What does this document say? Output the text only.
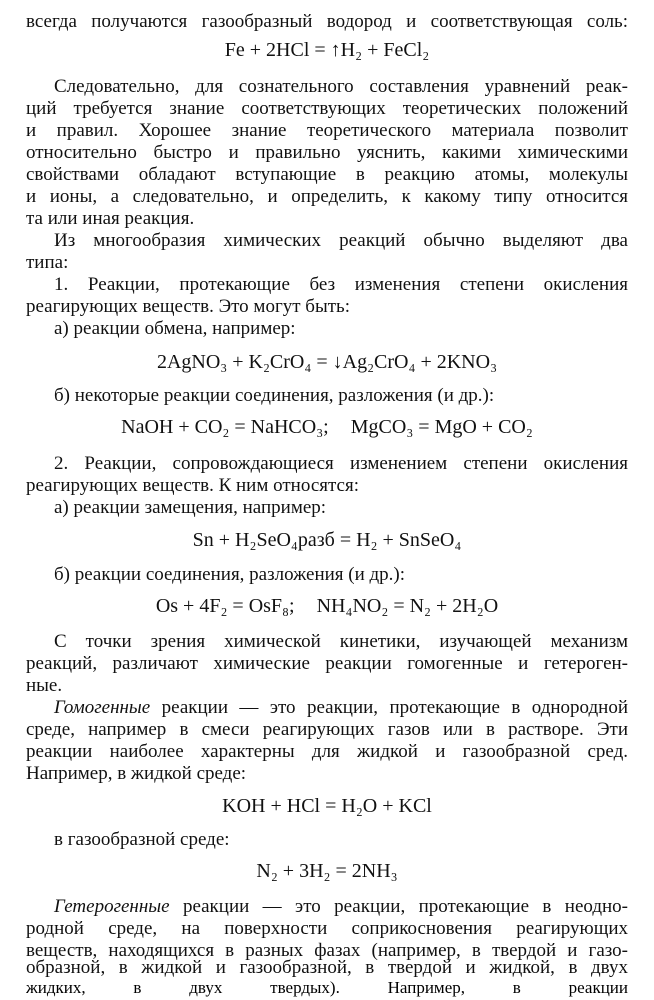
всегда получаются газообразный водород и соответствующая соль:
Fe + 2HCl = ↑H₂ + FeCl₂
Следовательно, для сознательного составления уравнений реак-
ций требуется знание соответствующих теоретических положений
и правил. Хорошее знание теоретического материала позволит
относительно быстро и правильно уяснить, какими химическими
свойствами обладают вступающие в реакцию атомы, молекулы
и ионы, а следовательно, и определить, к какому типу относится
та или иная реакция.
Из многообразия химических реакций обычно выделяют два
типа:
1. Реакции, протекающие без изменения степени окисления
реагирующих веществ. Это могут быть:
а) реакции обмена, например:
2AgNO₃ + K₂CrO₄ = ↓Ag₂CrO₄ + 2KNO₃
б) некоторые реакции соединения, разложения (и др.):
NaOH + CO₂ = NaHCO₃; MgCO₃ = MgO + CO₂
2. Реакции, сопровождающиеся изменением степени окисления
реагирующих веществ. К ним относятся:
а) реакции замещения, например:
Sn + H₂SeO₄разб = H₂ + SnSeO₄
б) реакции соединения, разложения (и др.):
Os + 4F₂ = OsF₈; NH₄NO₂ = N₂ + 2H₂O
С точки зрения химической кинетики, изучающей механизм
реакций, различают химические реакции гомогенные и гетероген-
ные.
Гомогенные реакции — это реакции, протекающие в однородной
среде, например в смеси реагирующих газов или в растворе. Эти
реакции наиболее характерны для жидкой и газообразной сред.
Например, в жидкой среде:
KOH + HCl = H₂O + KCl
в газообразной среде:
N₂ + 3H₂ = 2NH₃
Гетерогенные реакции — это реакции, протекающие в неодно-
родной среде, на поверхности соприкосновения реагирующих
веществ, находящихся в разных фазах (например, в твердой и газо-
образной, в жидкой и газообразной, в твердой и жидкой, в двух
жидких, в двух твердых). Например, в реакции
